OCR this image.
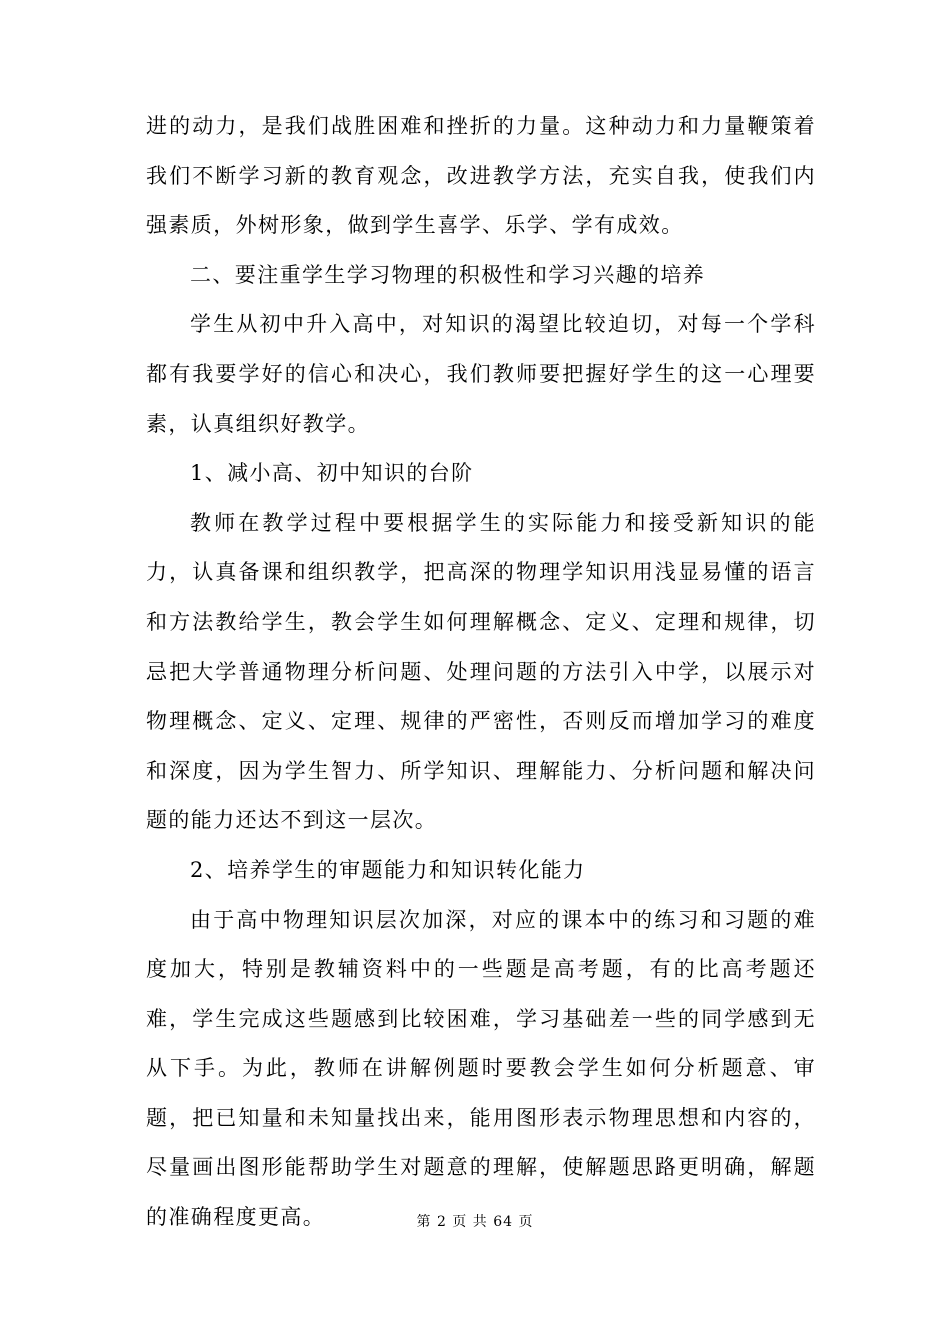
进的动力，是我们战胜困难和挫折的力量。这种动力和力量鞭策着我们不断学习新的教育观念，改进教学方法，充实自我，使我们内强素质，外树形象，做到学生喜学、乐学、学有成效。

二、要注重学生学习物理的积极性和学习兴趣的培养

学生从初中升入高中，对知识的渴望比较迫切，对每一个学科都有我要学好的信心和决心，我们教师要把握好学生的这一心理要素，认真组织好教学。

1、减小高、初中知识的台阶

教师在教学过程中要根据学生的实际能力和接受新知识的能力，认真备课和组织教学，把高深的物理学知识用浅显易懂的语言和方法教给学生，教会学生如何理解概念、定义、定理和规律，切忌把大学普通物理分析问题、处理问题的方法引入中学，以展示对物理概念、定义、定理、规律的严密性，否则反而增加学习的难度和深度，因为学生智力、所学知识、理解能力、分析问题和解决问题的能力还达不到这一层次。

2、培养学生的审题能力和知识转化能力

由于高中物理知识层次加深，对应的课本中的练习和习题的难度加大，特别是教辅资料中的一些题是高考题，有的比高考题还难，学生完成这些题感到比较困难，学习基础差一些的同学感到无从下手。为此，教师在讲解例题时要教会学生如何分析题意、审题，把已知量和未知量找出来，能用图形表示物理思想和内容的，尽量画出图形能帮助学生对题意的理解，使解题思路更明确，解题的准确程度更高。	第 2 页 共 64 页
